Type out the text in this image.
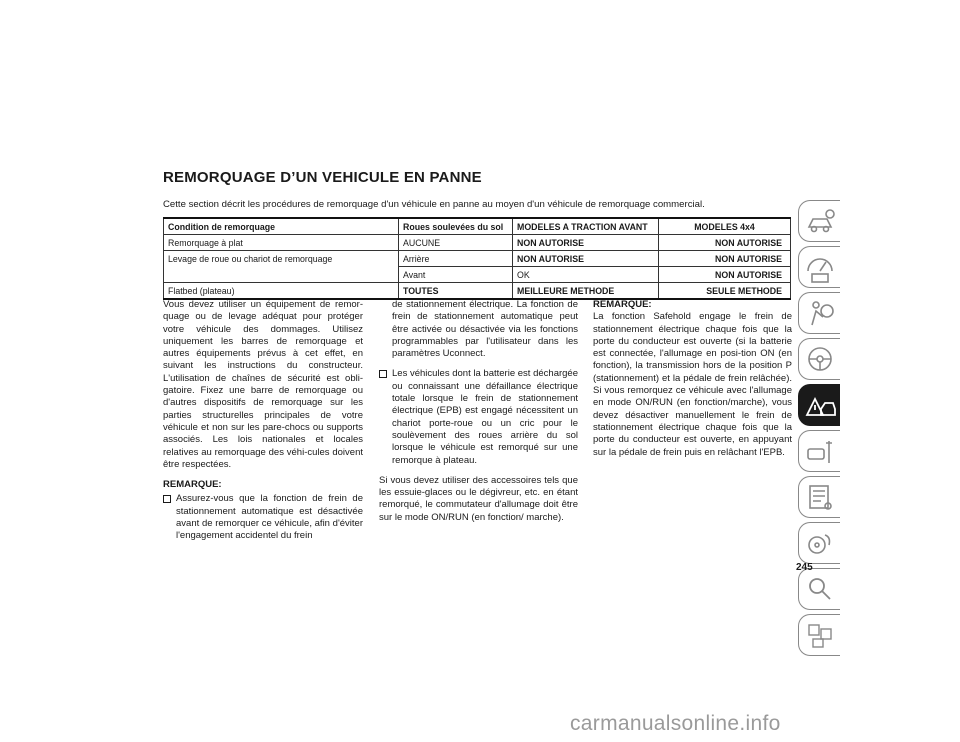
REMORQUAGE D’UN VEHICULE EN PANNE

Cette section décrit les procédures de remorquage d'un véhicule en panne au moyen d'un véhicule de remorquage commercial.

Condition de remorquage	Roues soulevées du sol	MODELES A TRACTION AVANT	MODELES 4x4
Remorquage à plat	AUCUNE	NON AUTORISE	NON AUTORISE
Levage de roue ou chariot de remorquage	Arrière	NON AUTORISE	NON AUTORISE
	Avant	OK	NON AUTORISE
Flatbed (plateau)	TOUTES	MEILLEURE METHODE	SEULE METHODE

Vous devez utiliser un équipement de remor-quage ou de levage adéquat pour protéger votre véhicule des dommages. Utilisez uniquement les barres de remorquage et autres équipements prévus à cet effet, en suivant les instructions du constructeur. L'utilisation de chaînes de sécurité est obli-gatoire. Fixez une barre de remorquage ou d'autres dispositifs de remorquage sur les parties structurelles principales de votre véhicule et non sur les pare-chocs ou supports associés. Les lois nationales et locales relatives au remorquage des véhi-cules doivent être respectées.

REMARQUE:

Assurez-vous que la fonction de frein de stationnement automatique est désactivée avant de remorquer ce véhicule, afin d'éviter l'engagement accidentel du frein
de stationnement électrique. La fonction de frein de stationnement automatique peut être activée ou désactivée via les fonctions programmables par l'utilisateur dans les paramètres Uconnect.
Les véhicules dont la batterie est déchargée ou connaissant une défaillance électrique totale lorsque le frein de stationnement électrique (EPB) est engagé nécessitent un chariot porte-roue ou un cric pour le soulèvement des roues arrière du sol lorsque le véhicule est remorqué sur une remorque à plateau.

Si vous devez utiliser des accessoires tels que les essuie-glaces ou le dégivreur, etc. en étant remorqué, le commutateur d'allumage doit être sur le mode ON/RUN (en fonction/ marche).

REMARQUE:

La fonction Safehold engage le frein de stationnement électrique chaque fois que la porte du conducteur est ouverte (si la batterie est connectée, l'allumage en posi-tion ON (en fonction), la transmission hors de la position P (stationnement) et la pédale de frein relâchée). Si vous remorquez ce véhicule avec l'allumage en mode ON/RUN (en fonction/marche), vous devez désactiver manuellement le frein de stationnement électrique chaque fois que la porte du conducteur est ouverte, en appuyant sur la pédale de frein puis en relâchant l'EPB.

245
carmanualsonline.info
